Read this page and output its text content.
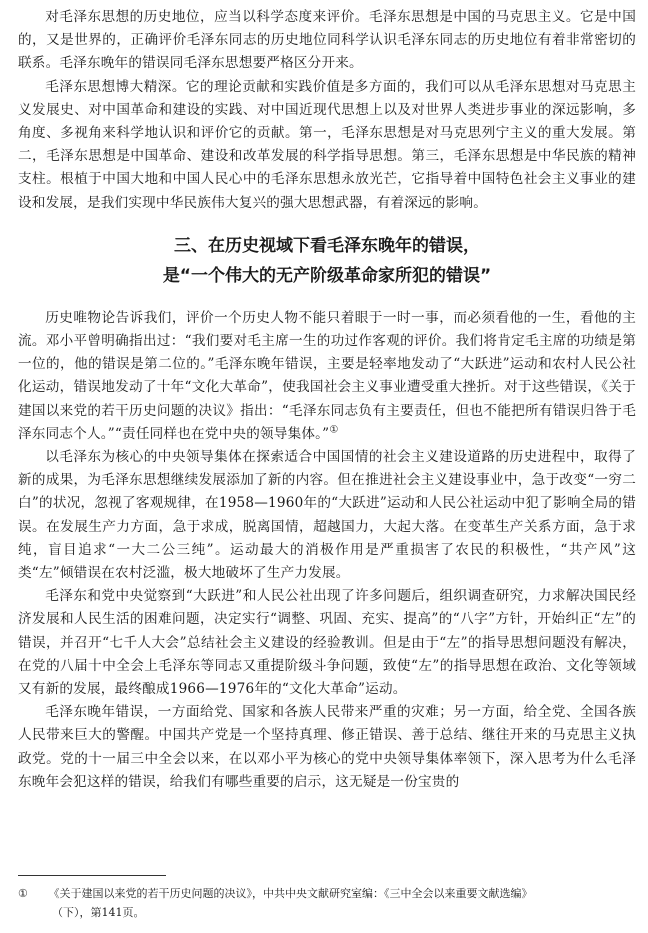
对毛泽东思想的历史地位，应当以科学态度来评价。毛泽东思想是中国的马克思主义。它是中国的，又是世界的，正确评价毛泽东同志的历史地位同科学认识毛泽东同志的历史地位有着非常密切的联系。毛泽东晚年的错误同毛泽东思想要严格区分开来。

毛泽东思想博大精深。它的理论贡献和实践价值是多方面的，我们可以从毛泽东思想对马克思主义发展史、对中国革命和建设的实践、对中国近现代思想上以及对世界人类进步事业的深远影响，多角度、多视角来科学地认识和评价它的贡献。第一，毛泽东思想是对马克思列宁主义的重大发展。第二，毛泽东思想是中国革命、建设和改革发展的科学指导思想。第三，毛泽东思想是中华民族的精神支柱。根植于中国大地和中国人民心中的毛泽东思想永放光芒，它指导着中国特色社会主义事业的建设和发展，是我们实现中华民族伟大复兴的强大思想武器，有着深远的影响。

三、在历史视域下看毛泽东晚年的错误，
是“一个伟大的无产阶级革命家所犯的错误”

历史唯物论告诉我们，评价一个历史人物不能只着眼于一时一事，而必须看他的一生，看他的主流。邓小平曾明确指出过：“我们要对毛主席一生的功过作客观的评价。我们将肯定毛主席的功绩是第一位的，他的错误是第二位的。”毛泽东晚年错误，主要是轻率地发动了“大跃进”运动和农村人民公社化运动，错误地发动了十年“文化大革命”，使我国社会主义事业遭受重大挫折。对于这些错误，《关于建国以来党的若干历史问题的决议》指出：“毛泽东同志负有主要责任，但也不能把所有错误归咎于毛泽东同志个人。”“责任同样也在党中央的领导集体。”①

以毛泽东为核心的中央领导集体在探索适合中国国情的社会主义建设道路的历史进程中，取得了新的成果，为毛泽东思想继续发展添加了新的内容。但在推进社会主义建设事业中，急于改变“一穷二白”的状况，忽视了客观规律，在1958—1960年的“大跃进”运动和人民公社运动中犯了影响全局的错误。在发展生产力方面，急于求成，脱离国情，超越国力，大起大落。在变革生产关系方面，急于求纯，盲目追求“一大二公三纯”。运动最大的消极作用是严重损害了农民的积极性，“共产风”这类“左”倾错误在农村泛滥，极大地破坏了生产力发展。

毛泽东和党中央觉察到“大跃进”和人民公社出现了许多问题后，组织调查研究，力求解决国民经济发展和人民生活的困难问题，决定实行“调整、巩固、充实、提高”的“八字”方针，开始纠正“左”的错误，并召开“七千人大会”总结社会主义建设的经验教训。但是由于“左”的指导思想问题没有解决，在党的八届十中全会上毛泽东等同志又重提阶级斗争问题，致使“左”的指导思想在政治、文化等领域又有新的发展，最终酿成1966—1976年的“文化大革命”运动。

毛泽东晚年错误，一方面给党、国家和各族人民带来严重的灾难；另一方面，给全党、全国各族人民带来巨大的警醒。中国共产党是一个坚持真理、修正错误、善于总结、继往开来的马克思主义执政党。党的十一届三中全会以来，在以邓小平为核心的党中央领导集体率领下，深入思考为什么毛泽东晚年会犯这样的错误，给我们有哪些重要的启示，这无疑是一份宝贵的

① 《关于建国以来党的若干历史问题的决议》，中共中央文献研究室编：《三中全会以来重要文献选编》
（下），第141页。
